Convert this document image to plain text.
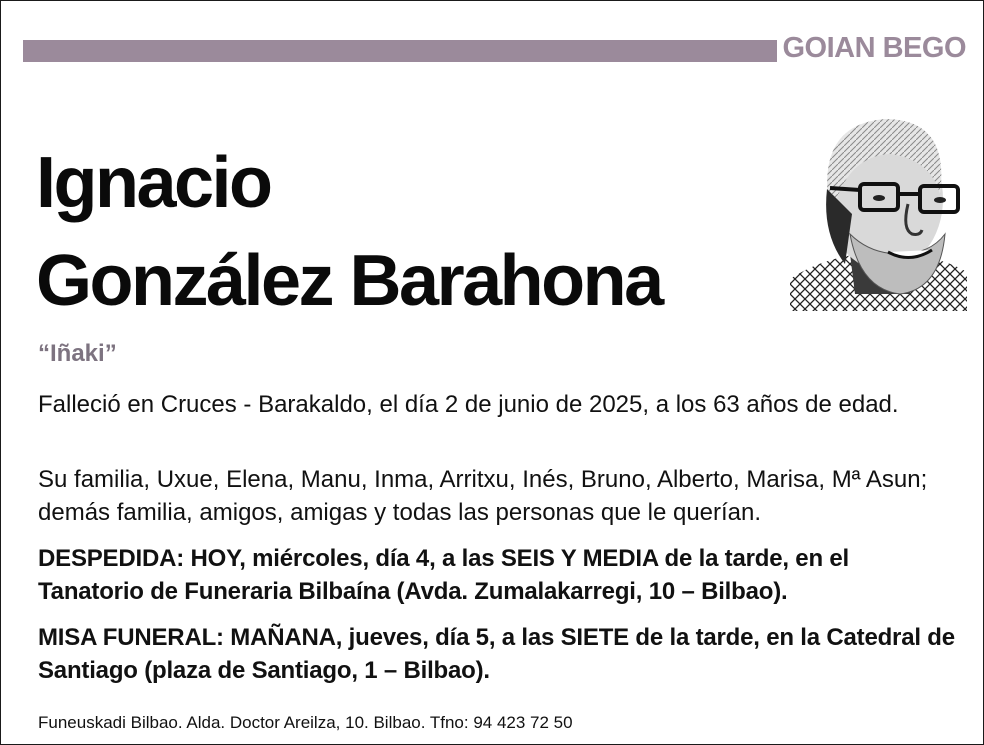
GOIAN BEGO
Ignacio
González Barahona
“Iñaki”

Falleció en Cruces - Barakaldo, el día 2 de junio de 2025, a los 63 años de edad.

Su familia, Uxue, Elena, Manu, Inma, Arritxu, Inés, Bruno, Alberto, Marisa, Mª Asun; demás familia, amigos, amigas y todas las personas que le querían.

DESPEDIDA: HOY, miércoles, día 4, a las SEIS Y MEDIA de la tarde, en el Tanatorio de Funeraria Bilbaína (Avda. Zumalakarregi, 10 – Bilbao).

MISA FUNERAL: MAÑANA, jueves, día 5, a las SIETE de la tarde, en la Catedral de Santiago (plaza de Santiago, 1 – Bilbao).

Funeuskadi Bilbao. Alda. Doctor Areilza, 10. Bilbao. Tfno: 94 423 72 50
